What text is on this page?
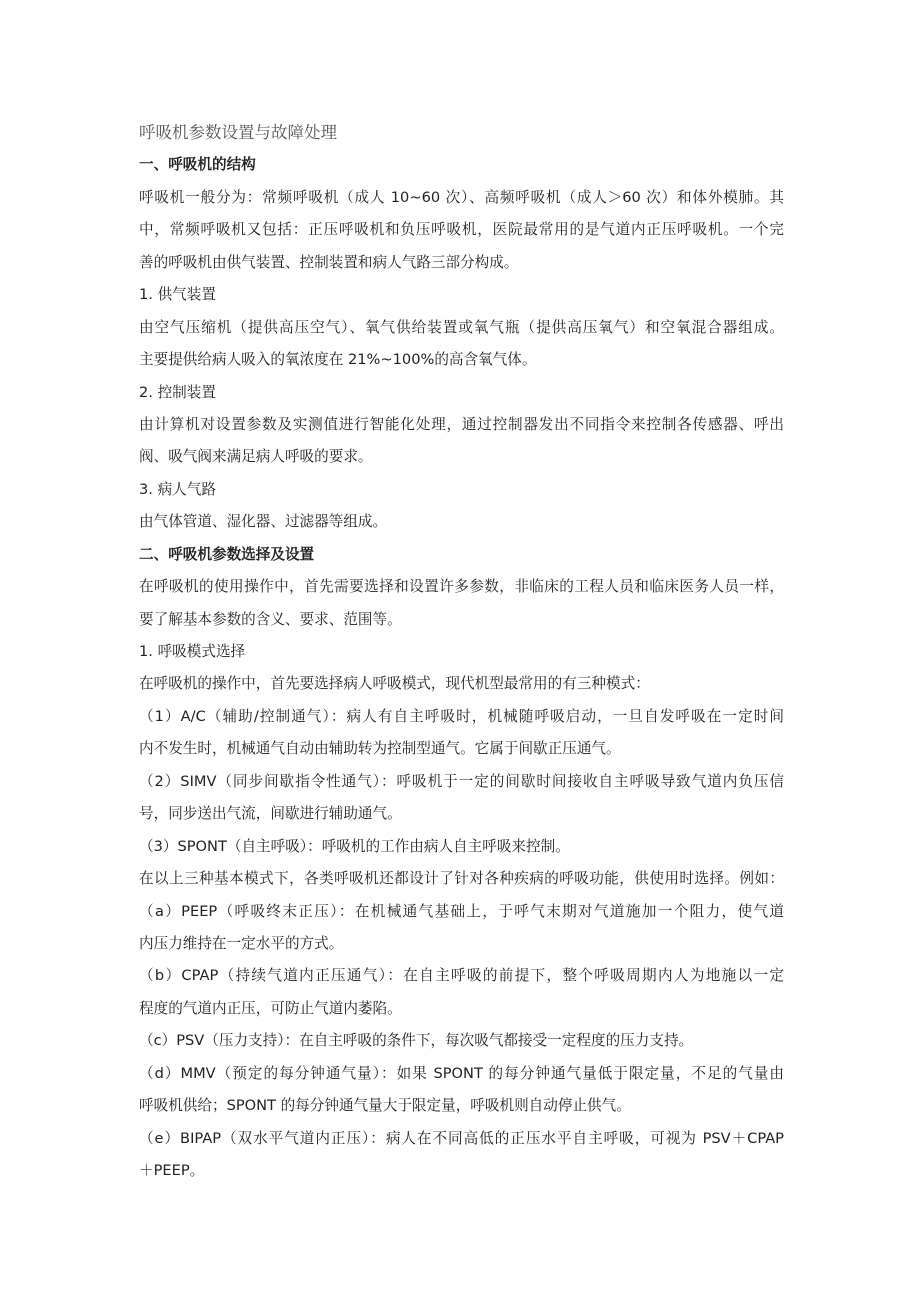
呼吸机参数设置与故障处理
一、呼吸机的结构
呼吸机一般分为：常频呼吸机（成人 10~60 次）、高频呼吸机（成人＞60 次）和体外模肺。其
中，常频呼吸机又包括：正压呼吸机和负压呼吸机，医院最常用的是气道内正压呼吸机。一个完
善的呼吸机由供气装置、控制装置和病人气路三部分构成。
1. 供气装置
由空气压缩机（提供高压空气）、氧气供给装置或氧气瓶（提供高压氧气）和空氧混合器组成。
主要提供给病人吸入的氧浓度在 21%~100%的高含氧气体。
2. 控制装置
由计算机对设置参数及实测值进行智能化处理，通过控制器发出不同指令来控制各传感器、呼出
阀、吸气阀来满足病人呼吸的要求。
3. 病人气路
由气体管道、湿化器、过滤器等组成。
二、呼吸机参数选择及设置
在呼吸机的使用操作中，首先需要选择和设置许多参数，非临床的工程人员和临床医务人员一样，
要了解基本参数的含义、要求、范围等。
1. 呼吸模式选择
在呼吸机的操作中，首先要选择病人呼吸模式，现代机型最常用的有三种模式：
（1）A/C（辅助/控制通气）：病人有自主呼吸时，机械随呼吸启动，一旦自发呼吸在一定时间
内不发生时，机械通气自动由辅助转为控制型通气。它属于间歇正压通气。
（2）SIMV（同步间歇指令性通气）：呼吸机于一定的间歇时间接收自主呼吸导致气道内负压信
号，同步送出气流，间歇进行辅助通气。
（3）SPONT（自主呼吸）：呼吸机的工作由病人自主呼吸来控制。
在以上三种基本模式下，各类呼吸机还都设计了针对各种疾病的呼吸功能，供使用时选择。例如：
（a）PEEP（呼吸终末正压）：在机械通气基础上，于呼气末期对气道施加一个阻力，使气道
内压力维持在一定水平的方式。
（b）CPAP（持续气道内正压通气）：在自主呼吸的前提下，整个呼吸周期内人为地施以一定
程度的气道内正压，可防止气道内萎陷。
（c）PSV（压力支持）：在自主呼吸的条件下，每次吸气都接受一定程度的压力支持。
（d）MMV（预定的每分钟通气量）：如果 SPONT 的每分钟通气量低于限定量，不足的气量由
呼吸机供给；SPONT 的每分钟通气量大于限定量，呼吸机则自动停止供气。
（e）BIPAP（双水平气道内正压）：病人在不同高低的正压水平自主呼吸，可视为 PSV＋CPAP
＋PEEP。
